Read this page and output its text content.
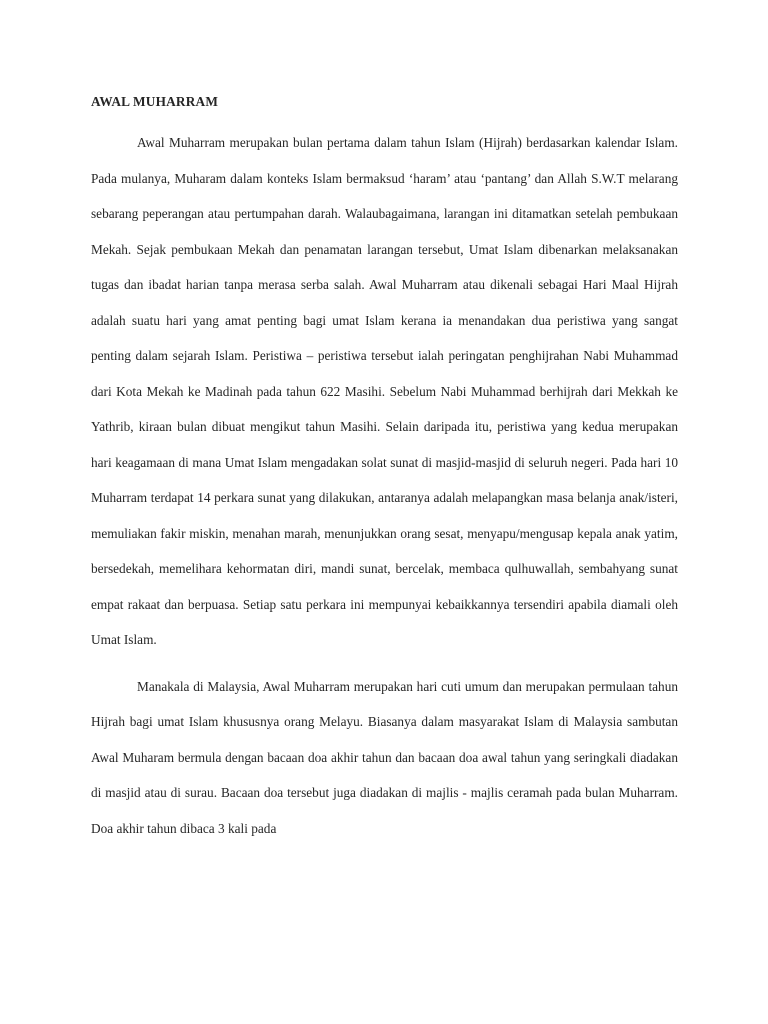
AWAL MUHARRAM

Awal Muharram merupakan bulan pertama dalam tahun Islam (Hijrah) berdasarkan kalendar Islam. Pada mulanya, Muharam dalam konteks Islam bermaksud ‘haram’ atau ‘pantang’ dan Allah S.W.T melarang sebarang peperangan atau pertumpahan darah. Walaubagaimana, larangan ini ditamatkan setelah pembukaan Mekah. Sejak pembukaan Mekah dan penamatan larangan tersebut, Umat Islam dibenarkan melaksanakan tugas dan ibadat harian tanpa merasa serba salah. Awal Muharram atau dikenali sebagai Hari Maal Hijrah adalah suatu hari yang amat penting bagi umat Islam kerana ia menandakan dua peristiwa yang sangat penting dalam sejarah Islam. Peristiwa – peristiwa tersebut ialah peringatan penghijrahan Nabi Muhammad dari Kota Mekah ke Madinah pada tahun 622 Masihi. Sebelum Nabi Muhammad berhijrah dari Mekkah ke Yathrib, kiraan bulan dibuat mengikut tahun Masihi. Selain daripada itu, peristiwa yang kedua merupakan hari keagamaan di mana Umat Islam mengadakan solat sunat di masjid-masjid di seluruh negeri. Pada hari 10 Muharram terdapat 14 perkara sunat yang dilakukan, antaranya adalah melapangkan masa belanja anak/isteri, memuliakan fakir miskin, menahan marah, menunjukkan orang sesat, menyapu/mengusap kepala anak yatim, bersedekah, memelihara kehormatan diri, mandi sunat, bercelak, membaca qulhuwallah, sembahyang sunat empat rakaat dan berpuasa. Setiap satu perkara ini mempunyai kebaikkannya tersendiri apabila diamali oleh Umat Islam.

Manakala di Malaysia, Awal Muharram merupakan hari cuti umum dan merupakan permulaan tahun Hijrah bagi umat Islam khususnya orang Melayu. Biasanya dalam masyarakat Islam di Malaysia sambutan Awal Muharam bermula dengan bacaan doa akhir tahun dan bacaan doa awal tahun yang seringkali diadakan di masjid atau di surau. Bacaan doa tersebut juga diadakan di majlis - majlis ceramah pada bulan Muharram. Doa akhir tahun dibaca 3 kali pada
